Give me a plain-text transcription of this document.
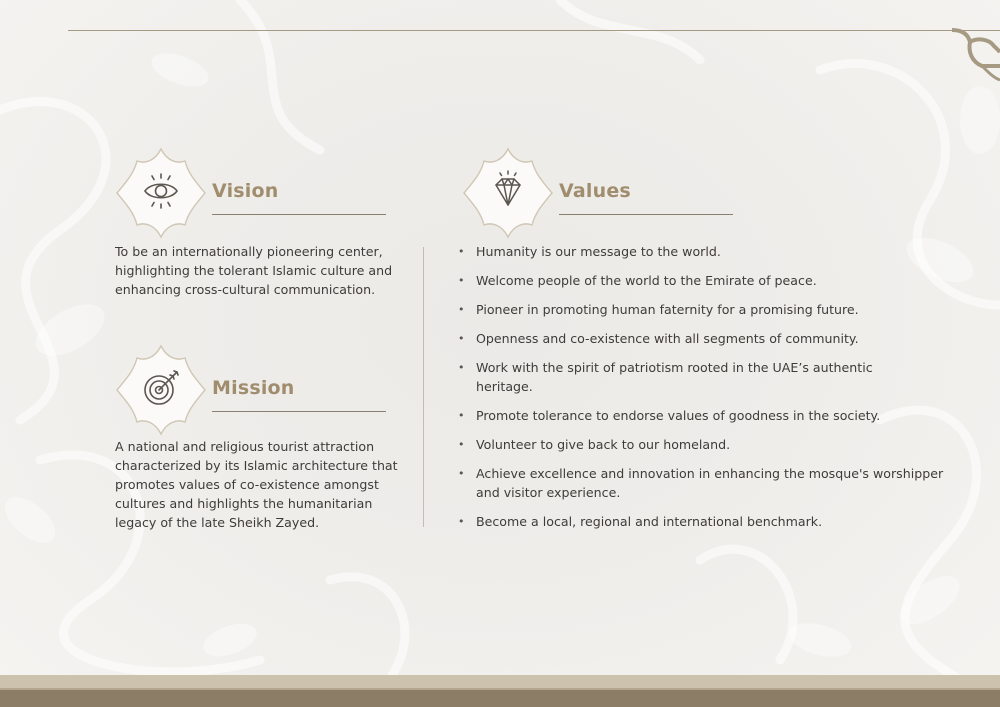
Vision

To be an internationally pioneering center, highlighting the tolerant Islamic culture and enhancing cross-cultural communication.

Mission

A national and religious tourist attraction characterized by its Islamic architecture that promotes values of co-existence amongst cultures and highlights the humanitarian legacy of the late Sheikh Zayed.

Values
• Humanity is our message to the world.
• Welcome people of the world to the Emirate of peace.
• Pioneer in promoting human faternity for a promising future.
• Openness and co-existence with all segments of community.
• Work with the spirit of patriotism rooted in the UAE’s authentic heritage.
• Promote tolerance to endorse values of goodness in the society.
• Volunteer to give back to our homeland.
• Achieve excellence and innovation in enhancing the mosque's worshipper and visitor experience.
• Become a local, regional and international benchmark.
